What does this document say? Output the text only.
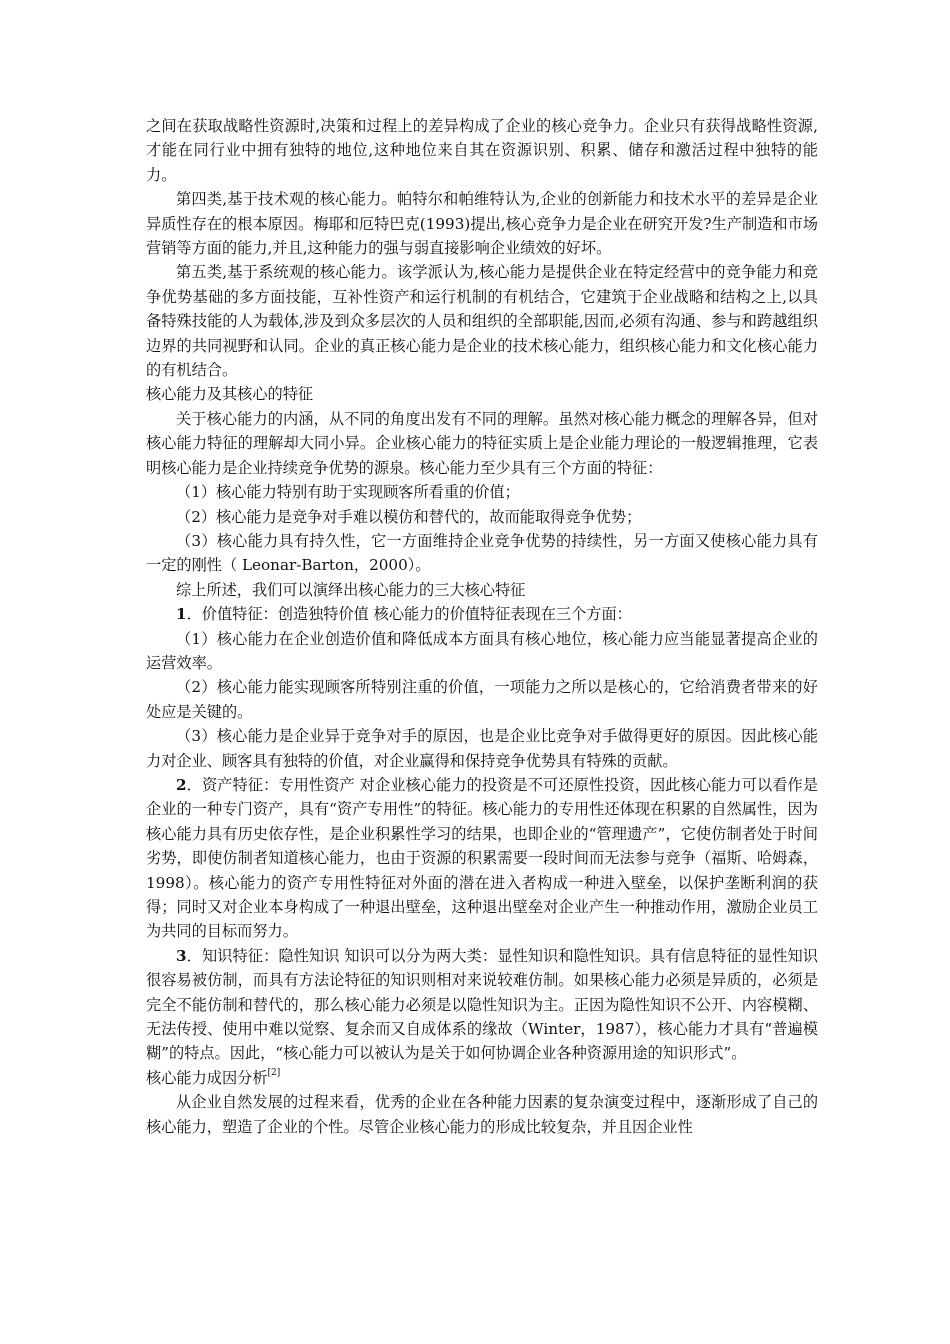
之间在获取战略性资源时,决策和过程上的差异构成了企业的核心竞争力。企业只有获得战略性资源, 才能在同行业中拥有独特的地位,这种地位来自其在资源识别、积累、储存和激活过程中独特的能力。

第四类,基于技术观的核心能力。帕特尔和帕维特认为,企业的创新能力和技术水平的差异是企业异质性存在的根本原因。梅耶和厄特巴克(1993)提出,核心竞争力是企业在研究开发?生产制造和市场营销等方面的能力,并且,这种能力的强与弱直接影响企业绩效的好坏。

第五类,基于系统观的核心能力。该学派认为,核心能力是提供企业在特定经营中的竞争能力和竞争优势基础的多方面技能，互补性资产和运行机制的有机结合，它建筑于企业战略和结构之上,以具备特殊技能的人为载体,涉及到众多层次的人员和组织的全部职能,因而,必须有沟通、参与和跨越组织边界的共同视野和认同。企业的真正核心能力是企业的技术核心能力，组织核心能力和文化核心能力的有机结合。

核心能力及其核心的特征

关于核心能力的内涵，从不同的角度出发有不同的理解。虽然对核心能力概念的理解各异，但对核心能力特征的理解却大同小异。企业核心能力的特征实质上是企业能力理论的一般逻辑推理，它表明核心能力是企业持续竞争优势的源泉。核心能力至少具有三个方面的特征：

（1）核心能力特别有助于实现顾客所看重的价值；

（2）核心能力是竞争对手难以模仿和替代的，故而能取得竞争优势；

（3）核心能力具有持久性，它一方面维持企业竞争优势的持续性，另一方面又使核心能力具有一定的刚性（ Leonar-Barton，2000）。

综上所述，我们可以演绎出核心能力的三大核心特征

1．价值特征：创造独特价值 核心能力的价值特征表现在三个方面：

（1）核心能力在企业创造价值和降低成本方面具有核心地位，核心能力应当能显著提高企业的运营效率。

（2）核心能力能实现顾客所特别注重的价值，一项能力之所以是核心的，它给消费者带来的好处应是关键的。

（3）核心能力是企业异于竞争对手的原因，也是企业比竞争对手做得更好的原因。因此核心能力对企业、顾客具有独特的价值，对企业赢得和保持竞争优势具有特殊的贡献。

2．资产特征：专用性资产 对企业核心能力的投资是不可还原性投资，因此核心能力可以看作是企业的一种专门资产，具有“资产专用性”的特征。核心能力的专用性还体现在积累的自然属性，因为核心能力具有历史依存性，是企业积累性学习的结果，也即企业的“管理遗产”，它使仿制者处于时间劣势，即使仿制者知道核心能力，也由于资源的积累需要一段时间而无法参与竞争（福斯、哈姆森，1998）。核心能力的资产专用性特征对外面的潜在进入者构成一种进入壁垒，以保护垄断利润的获得；同时又对企业本身构成了一种退出壁垒，这种退出壁垒对企业产生一种推动作用，激励企业员工为共同的目标而努力。

3．知识特征：隐性知识 知识可以分为两大类：显性知识和隐性知识。具有信息特征的显性知识很容易被仿制，而具有方法论特征的知识则相对来说较难仿制。如果核心能力必须是异质的，必须是完全不能仿制和替代的，那么核心能力必须是以隐性知识为主。正因为隐性知识不公开、内容模糊、无法传授、使用中难以觉察、复余而又自成体系的缘故（Winter，1987），核心能力才具有“普遍模糊”的特点。因此，“核心能力可以被认为是关于如何协调企业各种资源用途的知识形式”。

核心能力成因分析[2]

从企业自然发展的过程来看，优秀的企业在各种能力因素的复杂演变过程中，逐渐形成了自己的核心能力，塑造了企业的个性。尽管企业核心能力的形成比较复杂，并且因企业性
